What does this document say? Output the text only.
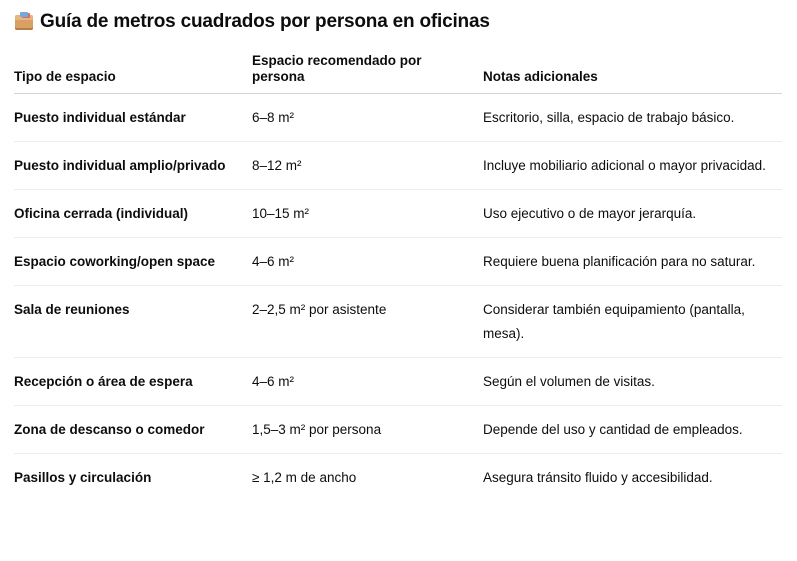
Guía de metros cuadrados por persona en oficinas
Tipo de espacio	Espacio recomendado por persona	Notas adicionales
Puesto individual estándar	6–8 m²	Escritorio, silla, espacio de trabajo básico.
Puesto individual amplio/privado	8–12 m²	Incluye mobiliario adicional o mayor privacidad.
Oficina cerrada (individual)	10–15 m²	Uso ejecutivo o de mayor jerarquía.
Espacio coworking/open space	4–6 m²	Requiere buena planificación para no saturar.
Sala de reuniones	2–2,5 m² por asistente	Considerar también equipamiento (pantalla, mesa).
Recepción o área de espera	4–6 m²	Según el volumen de visitas.
Zona de descanso o comedor	1,5–3 m² por persona	Depende del uso y cantidad de empleados.
Pasillos y circulación	≥ 1,2 m de ancho	Asegura tránsito fluido y accesibilidad.
